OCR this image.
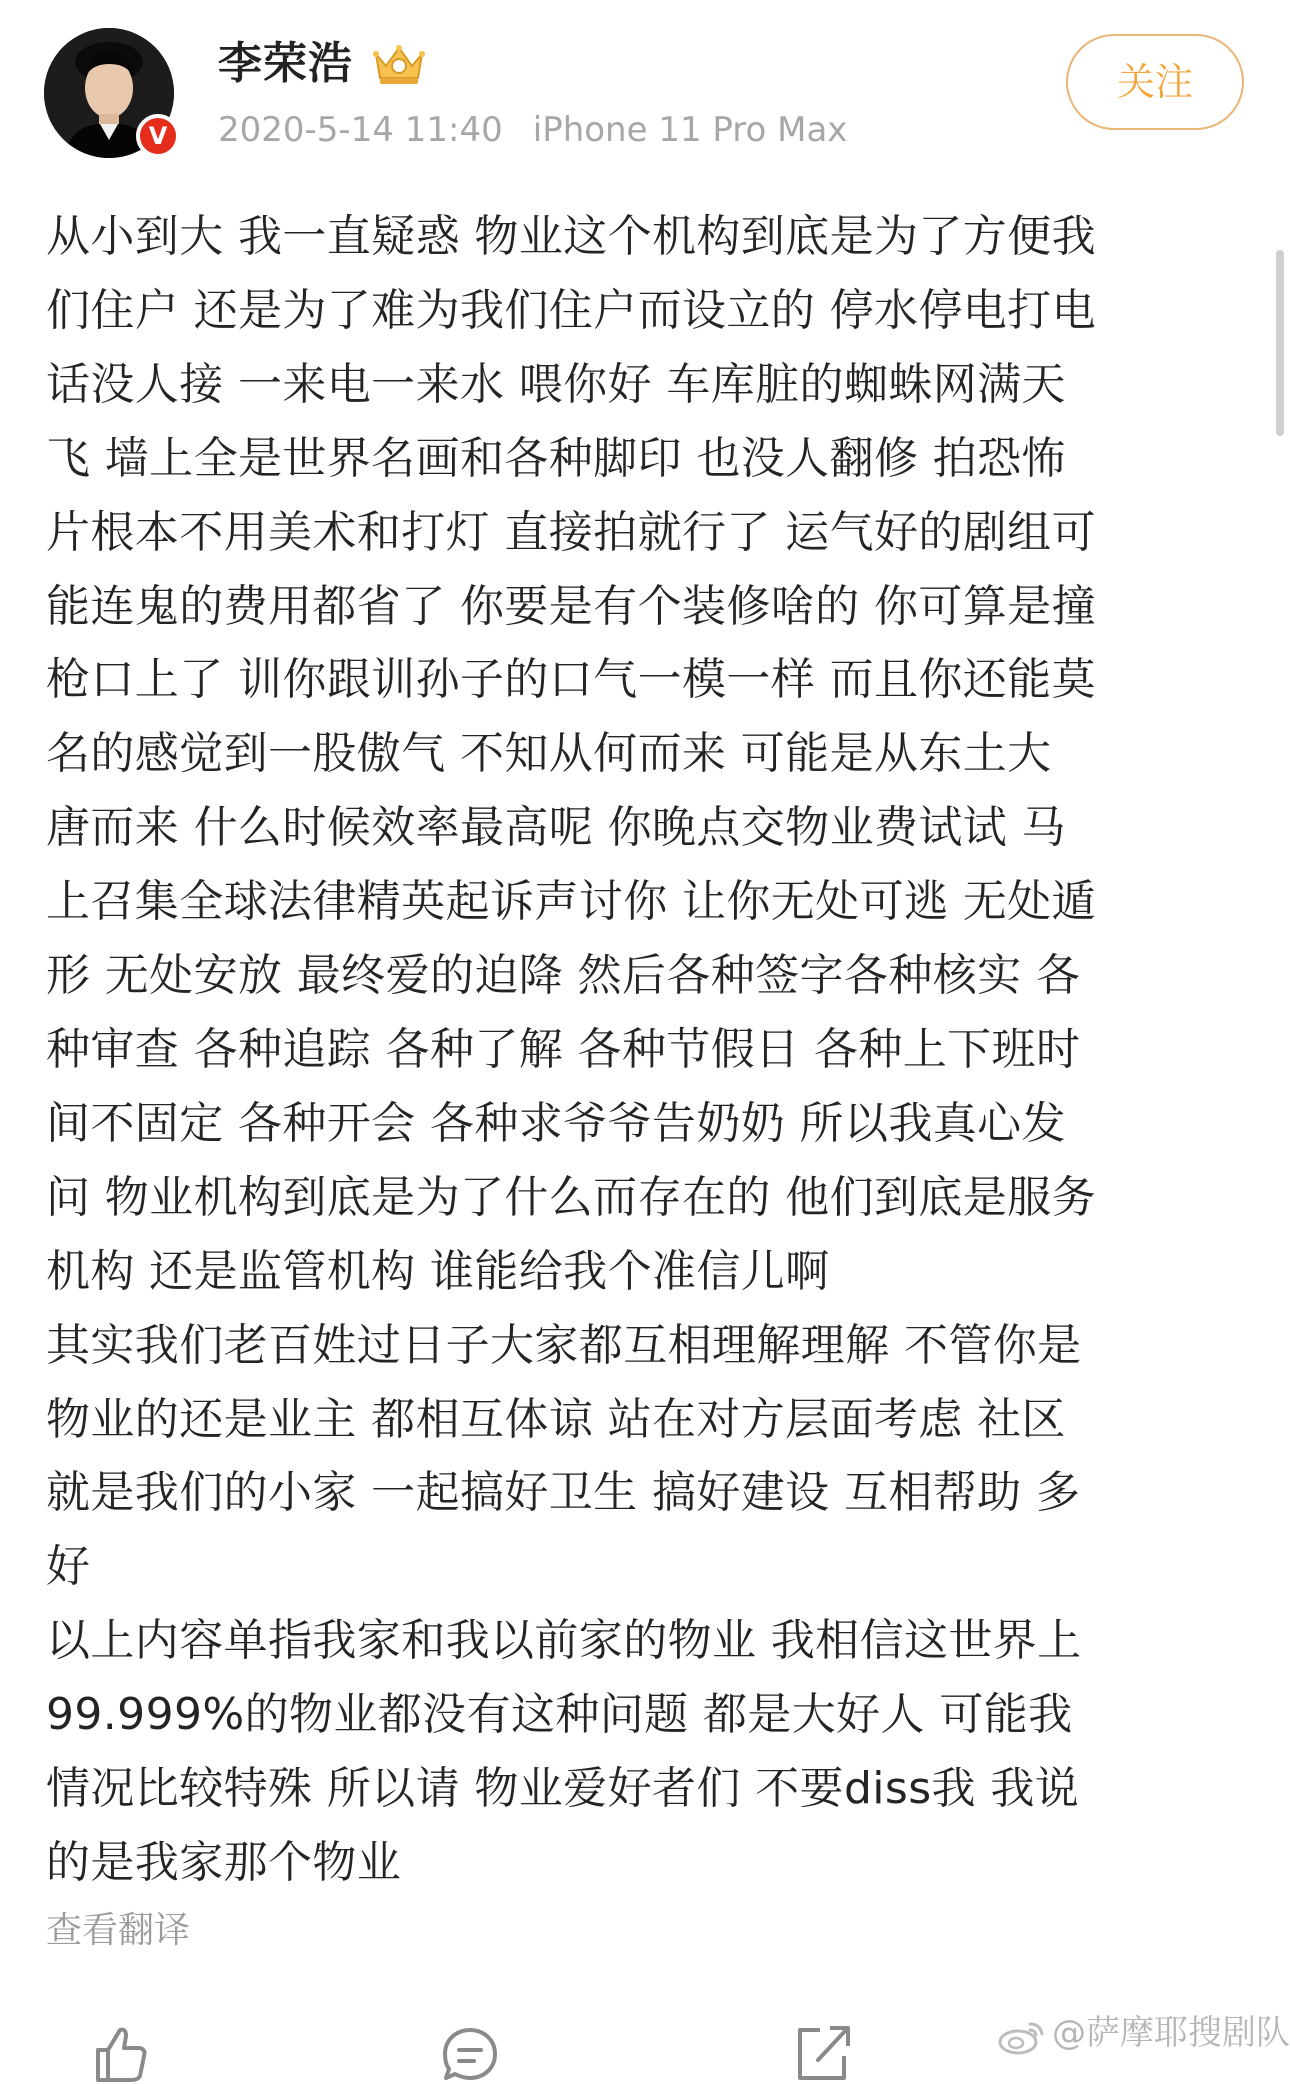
V
李荣浩
2020-5-14 11:40 iPhone 11 Pro Max
关注
从小到大 我一直疑惑 物业这个机构到底是为了方便我
们住户 还是为了难为我们住户而设立的 停水停电打电
话没人接 一来电一来水 喂你好 车库脏的蜘蛛网满天
飞 墙上全是世界名画和各种脚印 也没人翻修 拍恐怖
片根本不用美术和打灯 直接拍就行了 运气好的剧组可
能连鬼的费用都省了 你要是有个装修啥的 你可算是撞
枪口上了 训你跟训孙子的口气一模一样 而且你还能莫
名的感觉到一股傲气 不知从何而来 可能是从东土大
唐而来 什么时候效率最高呢 你晚点交物业费试试 马
上召集全球法律精英起诉声讨你 让你无处可逃 无处遁
形 无处安放 最终爱的迫降 然后各种签字各种核实 各
种审查 各种追踪 各种了解 各种节假日 各种上下班时
间不固定 各种开会 各种求爷爷告奶奶 所以我真心发
问 物业机构到底是为了什么而存在的 他们到底是服务
机构 还是监管机构 谁能给我个准信儿啊
其实我们老百姓过日子大家都互相理解理解 不管你是
物业的还是业主 都相互体谅 站在对方层面考虑 社区
就是我们的小家 一起搞好卫生 搞好建设 互相帮助 多
好
以上内容单指我家和我以前家的物业 我相信这世界上
99.999%的物业都没有这种问题 都是大好人 可能我
情况比较特殊 所以请 物业爱好者们 不要diss我 我说
的是我家那个物业
查看翻译
@萨摩耶搜剧队
